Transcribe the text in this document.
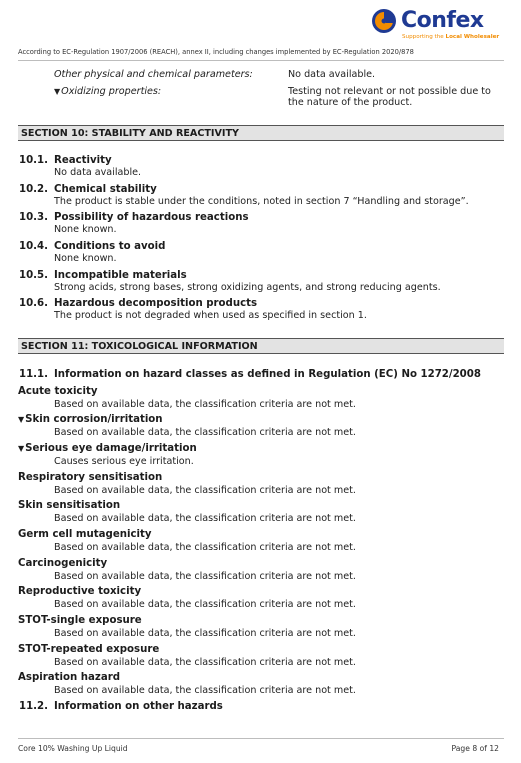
Confex
Supporting the Local Wholesaler
According to EC-Regulation 1907/2006 (REACH), annex II, including changes implemented by EC-Regulation 2020/878
Other physical and chemical parameters:	No data available.
▼Oxidizing properties:	Testing not relevant or not possible due to
the nature of the product.
SECTION 10: STABILITY AND REACTIVITY
10.1. Reactivity
No data available.
10.2. Chemical stability
The product is stable under the conditions, noted in section 7 “Handling and storage”.
10.3. Possibility of hazardous reactions
None known.
10.4. Conditions to avoid
None known.
10.5. Incompatible materials
Strong acids, strong bases, strong oxidizing agents, and strong reducing agents.
10.6. Hazardous decomposition products
The product is not degraded when used as specified in section 1.
SECTION 11: TOXICOLOGICAL INFORMATION
11.1. Information on hazard classes as defined in Regulation (EC) No 1272/2008
Acute toxicity
Based on available data, the classification criteria are not met.
▼Skin corrosion/irritation
Based on available data, the classification criteria are not met.
▼Serious eye damage/irritation
Causes serious eye irritation.
Respiratory sensitisation
Based on available data, the classification criteria are not met.
Skin sensitisation
Based on available data, the classification criteria are not met.
Germ cell mutagenicity
Based on available data, the classification criteria are not met.
Carcinogenicity
Based on available data, the classification criteria are not met.
Reproductive toxicity
Based on available data, the classification criteria are not met.
STOT-single exposure
Based on available data, the classification criteria are not met.
STOT-repeated exposure
Based on available data, the classification criteria are not met.
Aspiration hazard
Based on available data, the classification criteria are not met.
11.2. Information on other hazards
Core 10% Washing Up Liquid	Page 8 of 12
